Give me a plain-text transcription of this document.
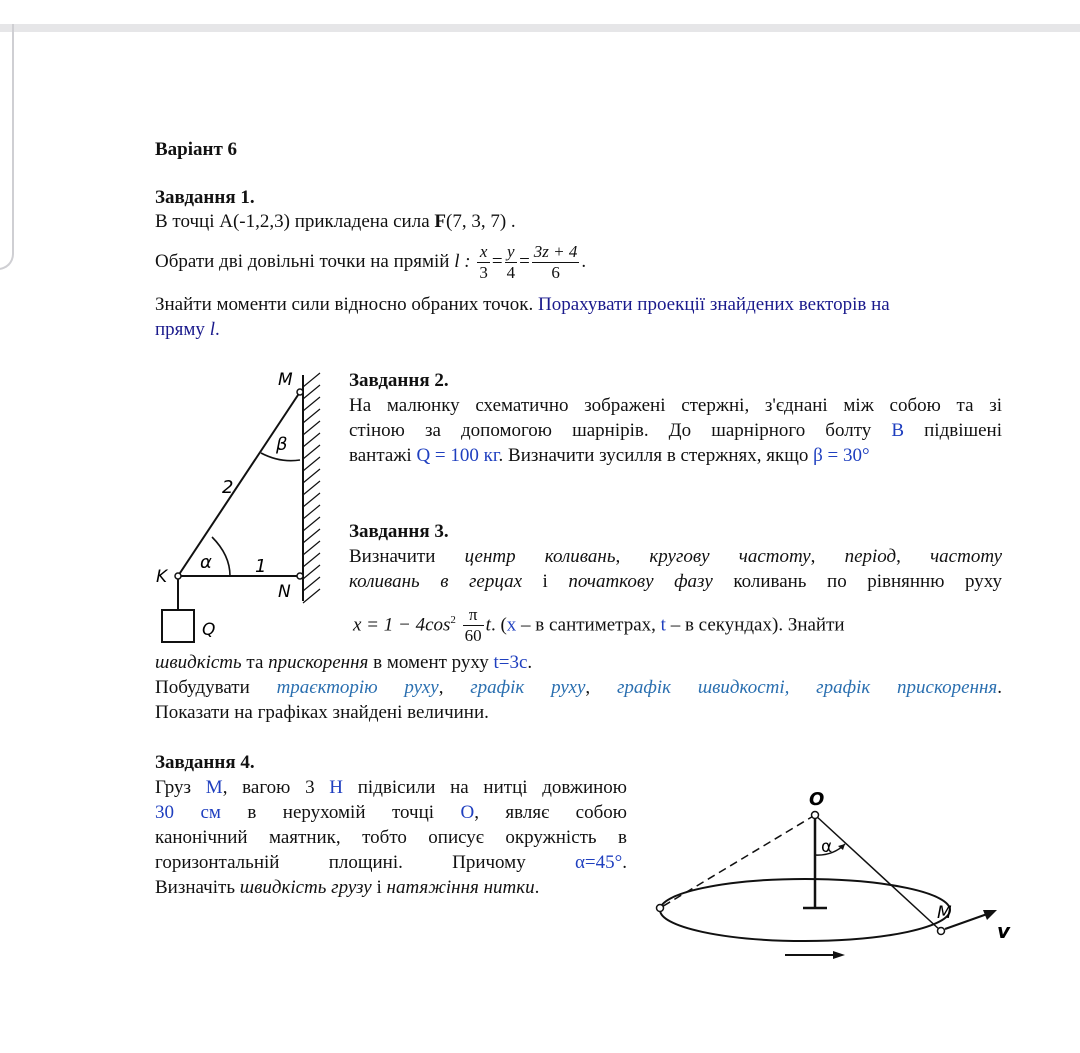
Варіант 6
Завдання 1.
В точці A(-1,2,3) прикладена сила F(7, 3, 7) .
Обрати дві довільні точки на прямій l : $\frac{x}{3} = \frac{y}{4} = \frac{3z + 4}{6}$ .
Знайти моменти сили відносно обраних точок. Порахувати проекції знайдених векторів на
пряму l.
M
β
2
K
α 1
N
Q
Завдання 2.
На малюнку схематично зображені стержні, з'єднані між собою та зі
стіною за допомогою шарнірів. До шарнірного болту B підвішені
вантажі Q = 100 кг. Визначити зусилля в стержнях, якщо β = 30°
Завдання 3.
Визначити центр коливань, кругову частоту, період, частоту
коливань в герцах і початкову фазу коливань по рівнянню руху
$x = 1 - 4\cos^2 \frac{\pi}{60} t$. (x – в сантиметрах, t – в секундах). Знайти
швидкість та прискорення в момент руху t=3c.
Побудувати траєкторію руху, графік руху, графік швидкості, графік прискорення.
Показати на графіках знайдені величини.
Завдання 4.
Груз М, вагою 3 Н підвісили на нитці довжиною
30 см в нерухомій точці О, являє собою
канонічний маятник, тобто описує окружність в
горизонтальній площині. Причому α=45°.
Визначіть швидкість грузу і натяжіння нитки.
O
α
M
v
